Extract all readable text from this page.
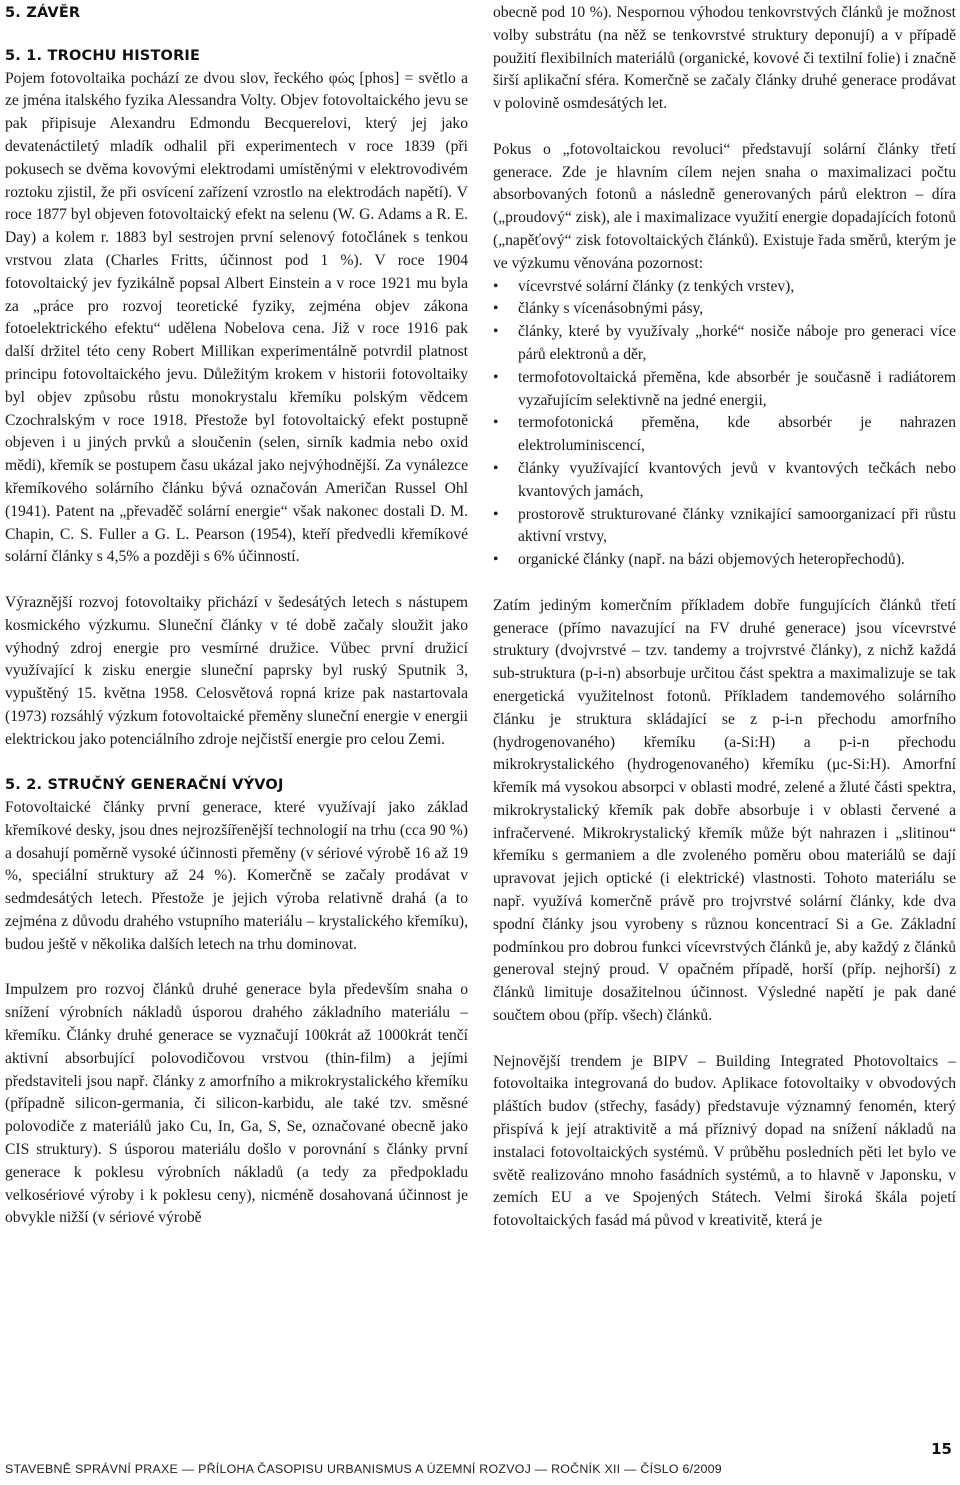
5. ZÁVĚR
5. 1. TROCHU HISTORIE

Pojem fotovoltaika pochází ze dvou slov, řeckého φώς [phos] = světlo a ze jména italského fyzika Alessandra Volty. Objev fotovoltaického jevu se pak připisuje Alexandru Edmondu Becquerelovi, který jej jako devatenáctiletý mladík odhalil při experimentech v roce 1839 (při pokusech se dvěma kovovými elektrodami umístěnými v elektrovodivém roztoku zjistil, že při osvícení zařízení vzrostlo na elektrodách napětí). V roce 1877 byl objeven fotovoltaický efekt na selenu (W. G. Adams a R. E. Day) a kolem r. 1883 byl sestrojen první selenový fotočlánek s tenkou vrstvou zlata (Charles Fritts, účinnost pod 1 %). V roce 1904 fotovoltaický jev fyzikálně popsal Albert Einstein a v roce 1921 mu byla za „práce pro rozvoj teoretické fyziky, zejména objev zákona fotoelektrického efektu“ udělena Nobelova cena. Již v roce 1916 pak další držitel této ceny Robert Millikan experimentálně potvrdil platnost principu fotovoltaického jevu. Důležitým krokem v historii fotovoltaiky byl objev způsobu růstu monokrystalu křemíku polským vědcem Czochralským v roce 1918. Přestože byl fotovoltaický efekt postupně objeven i u jiných prvků a sloučenin (selen, sirník kadmia nebo oxid mědi), křemík se postupem času ukázal jako nejvýhodnější. Za vynálezce křemíkového solárního článku bývá označován Američan Russel Ohl (1941). Patent na „převaděč solární energie“ však nakonec dostali D. M. Chapin, C. S. Fuller a G. L. Pearson (1954), kteří předvedli křemíkové solární články s 4,5% a později s 6% účinností.

Výraznější rozvoj fotovoltaiky přichází v šedesátých letech s nástupem kosmického výzkumu. Sluneční články v té době začaly sloužit jako výhodný zdroj energie pro vesmírné družice. Vůbec první družicí využívající k zisku energie sluneční paprsky byl ruský Sputnik 3, vypuštěný 15. května 1958. Celosvětová ropná krize pak nastartovala (1973) rozsáhlý výzkum fotovoltaické přeměny sluneční energie v energii elektrickou jako potenciálního zdroje nejčistší energie pro celou Zemi.

5. 2. STRUČNÝ GENERAČNÍ VÝVOJ

Fotovoltaické články první generace, které využívají jako základ křemíkové desky, jsou dnes nejrozšířenější technologií na trhu (cca 90 %) a dosahují poměrně vysoké účinnosti přeměny (v sériové výrobě 16 až 19 %, speciální struktury až 24 %). Komerčně se začaly prodávat v sedmdesátých letech. Přestože je jejich výroba relativně drahá (a to zejména z důvodu drahého vstupního materiálu – krystalického křemíku), budou ještě v několika dalších letech na trhu dominovat.

Impulzem pro rozvoj článků druhé generace byla především snaha o snížení výrobních nákladů úsporou drahého základního materiálu – křemíku. Články druhé generace se vyznačují 100krát až 1000krát tenčí aktivní absorbující polovodičovou vrstvou (thin-film) a jejími představiteli jsou např. články z amorfního a mikrokrystalického křemíku (případně silicon-germania, či silicon-karbidu, ale také tzv. směsné polovodiče z materiálů jako Cu, In, Ga, S, Se, označované obecně jako CIS struktury). S úsporou materiálu došlo v porovnání s články první generace k poklesu výrobních nákladů (a tedy za předpokladu velkosériové výroby i k poklesu ceny), nicméně dosahovaná účinnost je obvykle nižší (v sériové výrobě

obecně pod 10 %). Nespornou výhodou tenkovrstvých článků je možnost volby substrátu (na něž se tenkovrstvé struktury deponují) a v případě použití flexibilních materiálů (organické, kovové či textilní folie) i značně širší aplikační sféra. Komerčně se začaly články druhé generace prodávat v polovině osmdesátých let.

Pokus o „fotovoltaickou revoluci“ představují solární články třetí generace. Zde je hlavním cílem nejen snaha o maximalizaci počtu absorbovaných fotonů a následně generovaných párů elektron – díra („proudový“ zisk), ale i maximalizace využití energie dopadajících fotonů („napěťový“ zisk fotovoltaických článků). Existuje řada směrů, kterým je ve výzkumu věnována pozornost:

• vícevrstvé solární články (z tenkých vrstev),
• články s vícenásobnými pásy,
• články, které by využívaly „horké“ nosiče náboje pro generaci více párů elektronů a děr,
• termofotovoltaická přeměna, kde absorbér je současně i radiátorem vyzařujícím selektivně na jedné energii,
• termofotonická přeměna, kde absorbér je nahrazen elektroluminiscencí,
• články využívající kvantových jevů v kvantových tečkách nebo kvantových jamách,
• prostorově strukturované články vznikající samoorganizací při růstu aktivní vrstvy,
• organické články (např. na bázi objemových heteropřechodů).

Zatím jediným komerčním příkladem dobře fungujících článků třetí generace (přímo navazující na FV druhé generace) jsou vícevrstvé struktury (dvojvrstvé – tzv. tandemy a trojvrstvé články), z nichž každá sub-struktura (p-i-n) absorbuje určitou část spektra a maximalizuje se tak energetická využitelnost fotonů. Příkladem tandemového solárního článku je struktura skládající se z p-i-n přechodu amorfního (hydrogenovaného) křemíku (a-Si:H) a p-i-n přechodu mikrokrystalického (hydrogenovaného) křemíku (μc-Si:H). Amorfní křemík má vysokou absorpci v oblasti modré, zelené a žluté části spektra, mikrokrystalický křemík pak dobře absorbuje i v oblasti červené a infračervené. Mikrokrystalický křemík může být nahrazen i „slitinou“ křemíku s germaniem a dle zvoleného poměru obou materiálů se dají upravovat jejich optické (i elektrické) vlastnosti. Tohoto materiálu se např. využívá komerčně právě pro trojvrstvé solární články, kde dva spodní články jsou vyrobeny s různou koncentrací Si a Ge. Základní podmínkou pro dobrou funkci vícevrstvých článků je, aby každý z článků generoval stejný proud. V opačném případě, horší (příp. nejhorší) z článků limituje dosažitelnou účinnost. Výsledné napětí je pak dané součtem obou (příp. všech) článků.

Nejnovější trendem je BIPV – Building Integrated Photovoltaics – fotovoltaika integrovaná do budov. Aplikace fotovoltaiky v obvodových pláštích budov (střechy, fasády) představuje významný fenomén, který přispívá k její atraktivitě a má příznivý dopad na snížení nákladů na instalaci fotovoltaických systémů. V průběhu posledních pěti let bylo ve světě realizováno mnoho fasádních systémů, a to hlavně v Japonsku, v zemích EU a ve Spojených Státech. Velmi široká škála pojetí fotovoltaických fasád má původ v kreativitě, která je

15
STAVEBNĚ SPRÁVNÍ PRAXE — PŘÍLOHA ČASOPISU URBANISMUS A ÚZEMNÍ ROZVOJ — ROČNÍK XII — ČÍSLO 6/2009
